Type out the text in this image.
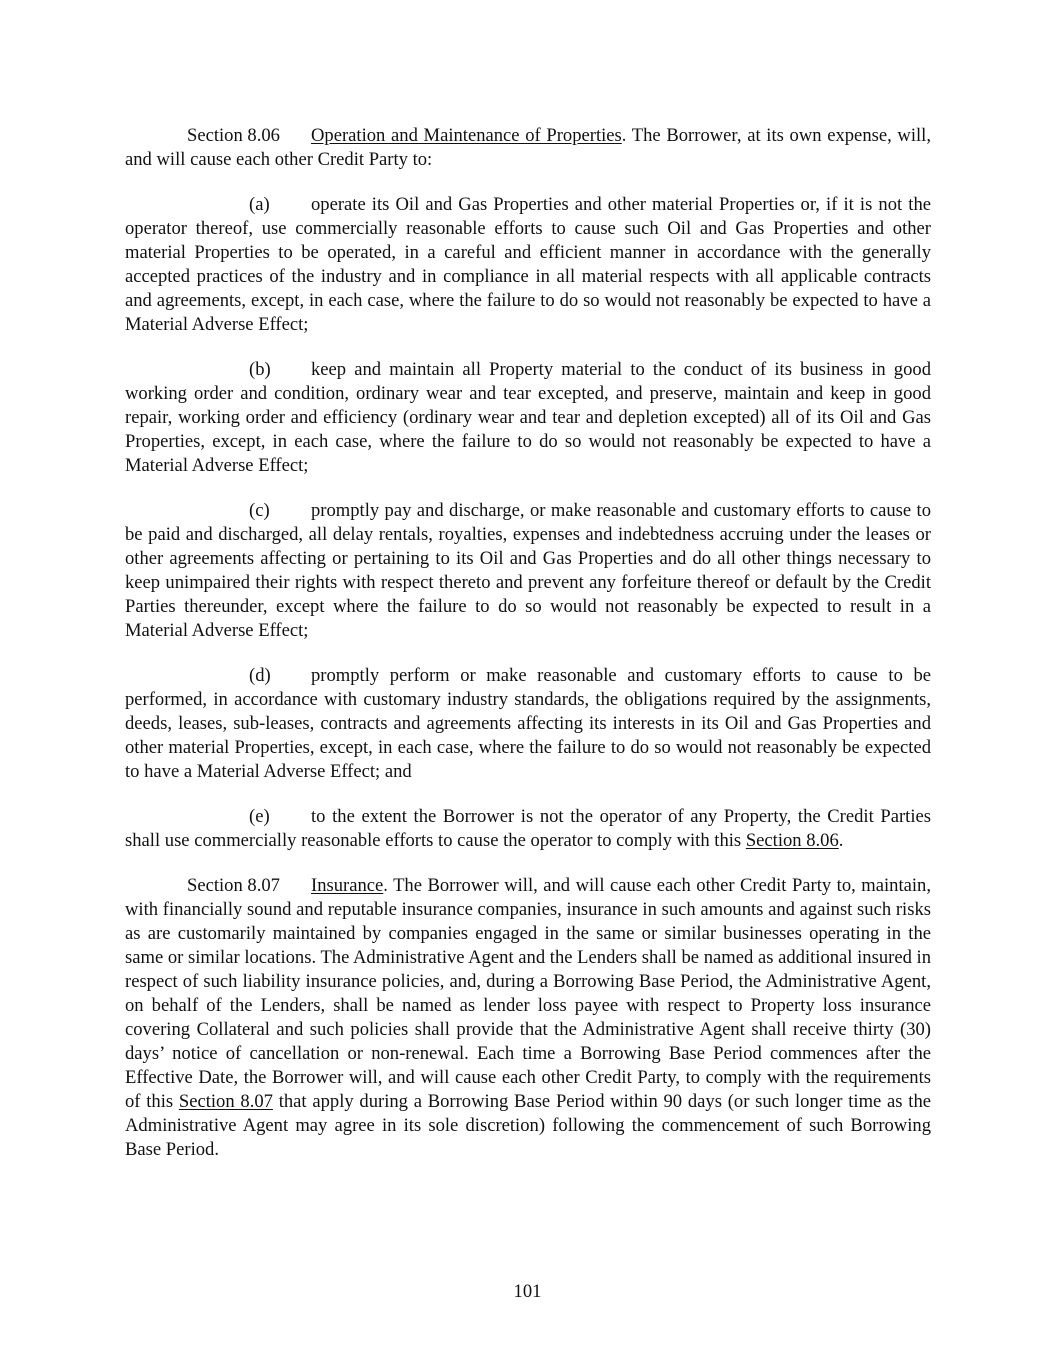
Section 8.06 Operation and Maintenance of Properties. The Borrower, at its own expense, will, and will cause each other Credit Party to:

(a) operate its Oil and Gas Properties and other material Properties or, if it is not the operator thereof, use commercially reasonable efforts to cause such Oil and Gas Properties and other material Properties to be operated, in a careful and efficient manner in accordance with the generally accepted practices of the industry and in compliance in all material respects with all applicable contracts and agreements, except, in each case, where the failure to do so would not reasonably be expected to have a Material Adverse Effect;

(b) keep and maintain all Property material to the conduct of its business in good working order and condition, ordinary wear and tear excepted, and preserve, maintain and keep in good repair, working order and efficiency (ordinary wear and tear and depletion excepted) all of its Oil and Gas Properties, except, in each case, where the failure to do so would not reasonably be expected to have a Material Adverse Effect;

(c) promptly pay and discharge, or make reasonable and customary efforts to cause to be paid and discharged, all delay rentals, royalties, expenses and indebtedness accruing under the leases or other agreements affecting or pertaining to its Oil and Gas Properties and do all other things necessary to keep unimpaired their rights with respect thereto and prevent any forfeiture thereof or default by the Credit Parties thereunder, except where the failure to do so would not reasonably be expected to result in a Material Adverse Effect;

(d) promptly perform or make reasonable and customary efforts to cause to be performed, in accordance with customary industry standards, the obligations required by the assignments, deeds, leases, sub-leases, contracts and agreements affecting its interests in its Oil and Gas Properties and other material Properties, except, in each case, where the failure to do so would not reasonably be expected to have a Material Adverse Effect; and

(e) to the extent the Borrower is not the operator of any Property, the Credit Parties shall use commercially reasonable efforts to cause the operator to comply with this Section 8.06.

Section 8.07 Insurance. The Borrower will, and will cause each other Credit Party to, maintain, with financially sound and reputable insurance companies, insurance in such amounts and against such risks as are customarily maintained by companies engaged in the same or similar businesses operating in the same or similar locations. The Administrative Agent and the Lenders shall be named as additional insured in respect of such liability insurance policies, and, during a Borrowing Base Period, the Administrative Agent, on behalf of the Lenders, shall be named as lender loss payee with respect to Property loss insurance covering Collateral and such policies shall provide that the Administrative Agent shall receive thirty (30) days’ notice of cancellation or non-renewal. Each time a Borrowing Base Period commences after the Effective Date, the Borrower will, and will cause each other Credit Party, to comply with the requirements of this Section 8.07 that apply during a Borrowing Base Period within 90 days (or such longer time as the Administrative Agent may agree in its sole discretion) following the commencement of such Borrowing Base Period.

101
